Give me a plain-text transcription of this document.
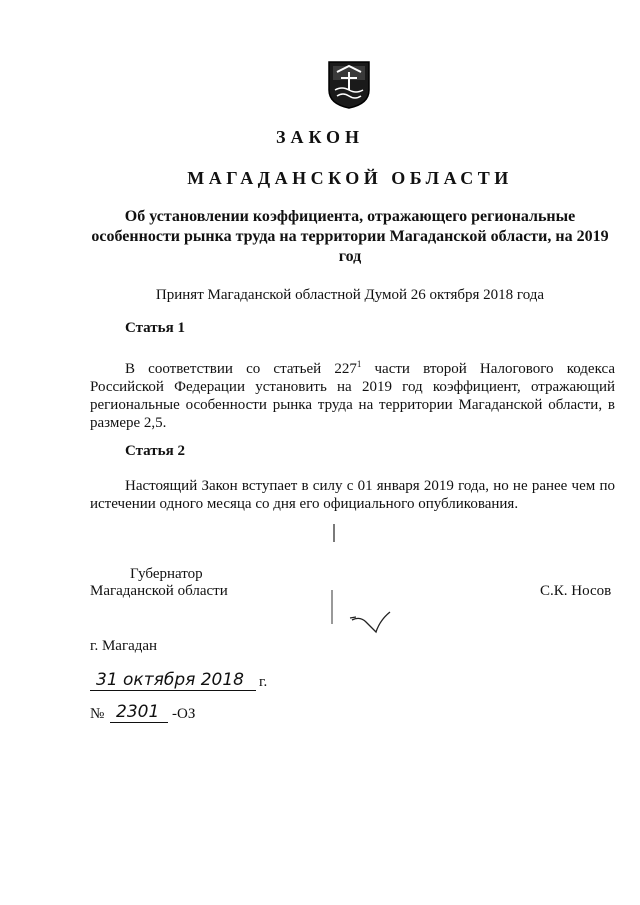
ЗАКОН
МАГАДАНСКОЙ ОБЛАСТИ
Об установлении коэффициента, отражающего региональные особенности рынка труда на территории Магаданской области, на 2019 год
Принят Магаданской областной Думой 26 октября 2018 года
Статья 1
В соответствии со статьей $227^1$ части второй Налогового кодекса Российской Федерации установить на 2019 год коэффициент, отражающий региональные особенности рынка труда на территории Магаданской области, в размере 2,5.
Статья 2
Настоящий Закон вступает в силу с 01 января 2019 года, но не ранее чем по истечении одного месяца со дня его официального опубликования.
Губернатор
Магаданской области	С.К. Носов
г. Магадан
31 октября 2018 г.
№ 2301 -ОЗ
